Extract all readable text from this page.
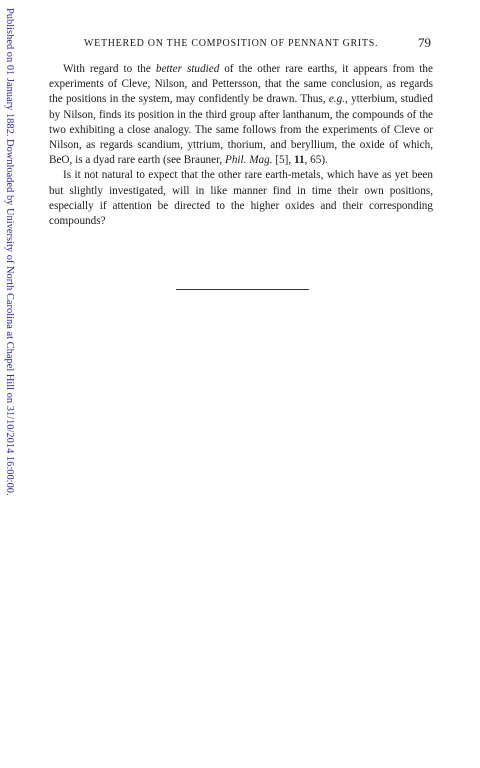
Published on 01 January 1882. Downloaded by University of North Carolina at Chapel Hill on 31/10/2014 16:00:00.	WETHERED ON THE COMPOSITION OF PENNANT GRITS.	79

With regard to the better studied of the other rare earths, it appears from the experiments of Cleve, Nilson, and Pettersson, that the same conclusion, as regards the positions in the system, may confidently be drawn. Thus, e.g., ytterbium, studied by Nilson, finds its position in the third group after lanthanum, the compounds of the two exhibiting a close analogy. The same follows from the experiments of Cleve or Nilson, as regards scandium, yttrium, thorium, and beryllium, the oxide of which, BeO, is a dyad rare earth (see Brauner, Phil. Mag. [5], 11, 65).

Is it not natural to expect that the other rare earth-metals, which have as yet been but slightly investigated, will in like manner find in time their own positions, especially if attention be directed to the higher oxides and their corresponding compounds?
